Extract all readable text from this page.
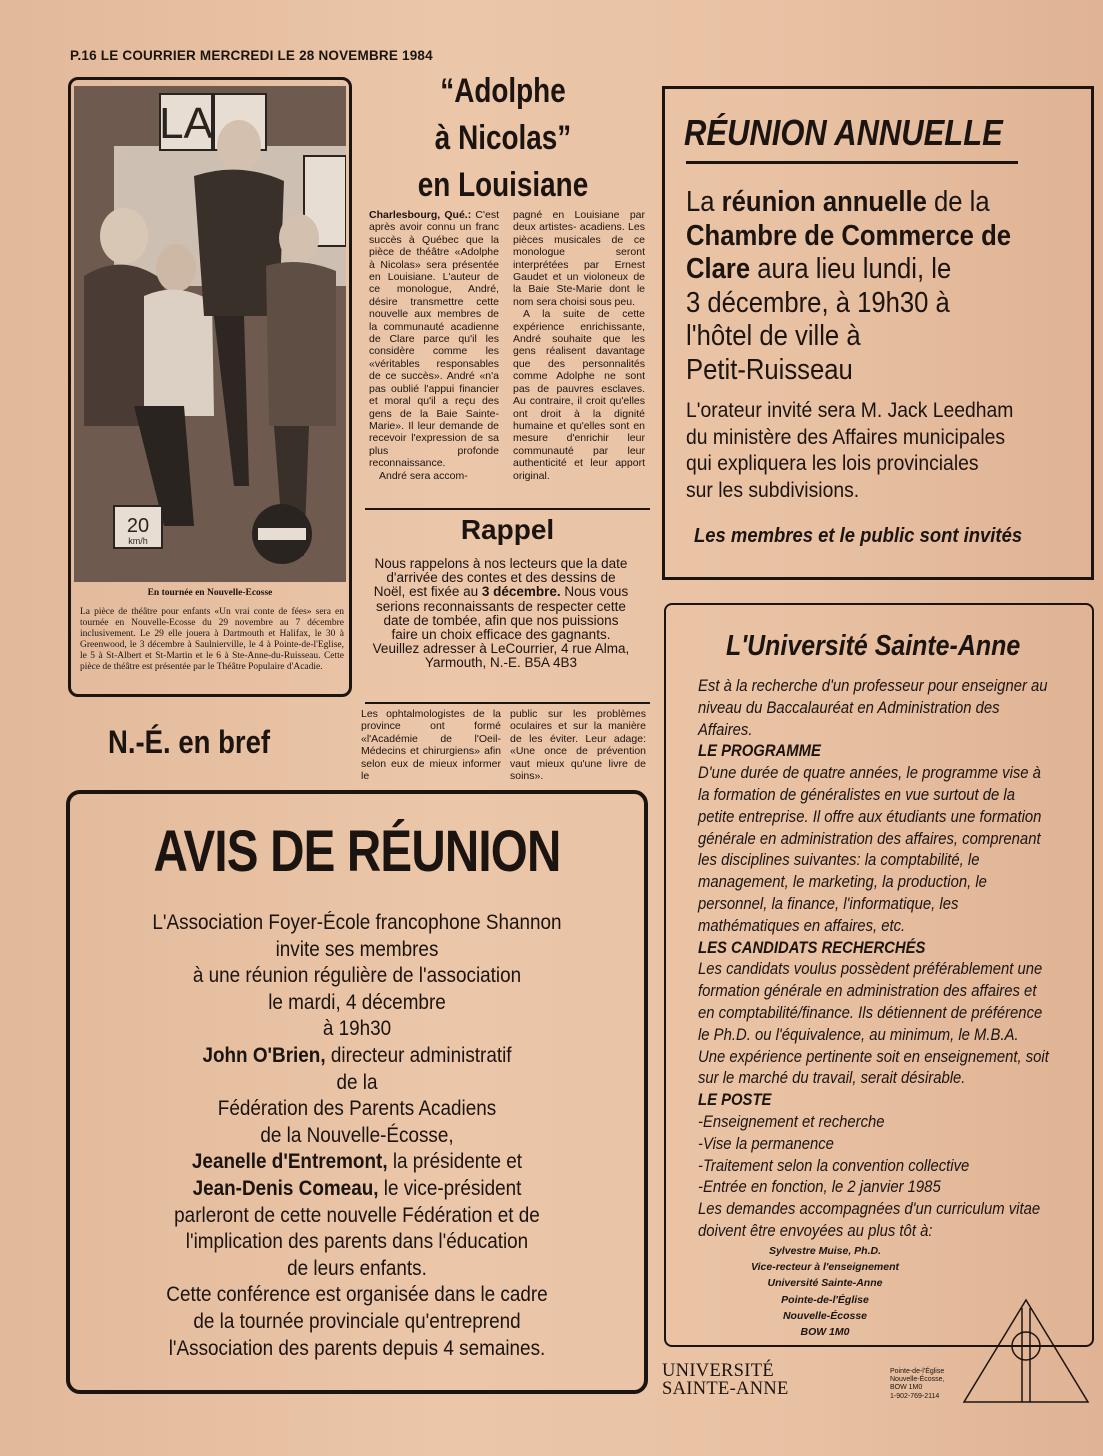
P.16 LE COURRIER MERCREDI LE 28 NOVEMBRE 1984
LA
20
km/h
En tournée en Nouvelle-Ecosse
La pièce de théâtre pour enfants «Un vrai conte de fées» sera en tournée en Nouvelle-Ecosse du 29 novembre au 7 décembre inclusivement. Le 29 elle jouera à Dartmouth et Halifax, le 30 à Greenwood, le 3 décembre à Saulnierville, le 4 à Pointe-de-l'Eglise, le 5 à St-Albert et St-Martin et le 6 à Ste-Anne-du-Ruisseau. Cette pièce de théâtre est présentée par le Théâtre Populaire d'Acadie.
“Adolphe
à Nicolas”
en Louisiane
Charlesbourg, Qué.: C'est après avoir connu un franc succès à Québec que la pièce de théâtre «Adolphe à Nicolas» sera présentée en Louisiane. L'auteur de ce monologue, André, désire transmettre cette nouvelle aux membres de la communauté acadienne de Clare parce qu'il les considère comme les «véritables responsables de ce succès». André «n'a pas oublié l'appui financier et moral qu'il a reçu des gens de la Baie Sainte-Marie». Il leur demande de recevoir l'expression de sa plus profonde reconnaissance.
André sera accom-
pagné en Louisiane par deux artistes- acadiens. Les pièces musicales de ce monologue seront interprétées par Ernest Gaudet et un violoneux de la Baie Ste-Marie dont le nom sera choisi sous peu.
A la suite de cette expérience enrichissante, André souhaite que les gens réalisent davantage que des personnalités comme Adolphe ne sont pas de pauvres esclaves. Au contraire, il croit qu'elles ont droit à la dignité humaine et qu'elles sont en mesure d'enrichir leur communauté par leur authenticité et leur apport original.
Rappel
Nous rappelons à nos lecteurs que la date d'arrivée des contes et des dessins de Noël, est fixée au 3 décembre. Nous vous serions reconnaissants de respecter cette date de tombée, afin que nos puissions faire un choix efficace des gagnants. Veuillez adresser à LeCourrier, 4 rue Alma, Yarmouth, N.-E. B5A 4B3
N.-É. en bref
Les ophtalmologistes de la province ont formé «l'Académie de l'Oeil-Médecins et chirurgiens» afin selon eux de mieux informer le
public sur les problèmes oculaires et sur la manière de les éviter. Leur adage: «Une once de prévention vaut mieux qu'une livre de soins».
AVIS DE RÉUNION
L'Association Foyer-École francophone Shannon
invite ses membres
à une réunion régulière de l'association
le mardi, 4 décembre
à 19h30
John O'Brien, directeur administratif
de la
Fédération des Parents Acadiens
de la Nouvelle-Écosse,
Jeanelle d'Entremont, la présidente et
Jean-Denis Comeau, le vice-président
parleront de cette nouvelle Fédération et de
l'implication des parents dans l'éducation
de leurs enfants.
Cette conférence est organisée dans le cadre
de la tournée provinciale qu'entreprend
l'Association des parents depuis 4 semaines.
RÉUNION ANNUELLE
La réunion annuelle de la
Chambre de Commerce de
Clare aura lieu lundi, le
3 décembre, à 19h30 à
l'hôtel de ville à
Petit-Ruisseau
L'orateur invité sera M. Jack Leedham
du ministère des Affaires municipales
qui expliquera les lois provinciales
sur les subdivisions.
Les membres et le public sont invités
L'Université Sainte-Anne
Est à la recherche d'un professeur pour enseigner au niveau du Baccalauréat en Administration des Affaires.
LE PROGRAMME
D'une durée de quatre années, le programme vise à la formation de généralistes en vue surtout de la petite entreprise. Il offre aux étudiants une formation générale en administration des affaires, comprenant les disciplines suivantes: la comptabilité, le management, le marketing, la production, le personnel, la finance, l'informatique, les mathématiques en affaires, etc.
LES CANDIDATS RECHERCHÉS
Les candidats voulus possèdent préférablement une formation générale en administration des affaires et en comptabilité/finance. Ils détiennent de préférence le Ph.D. ou l'équivalence, au minimum, le M.B.A. Une expérience pertinente soit en enseignement, soit sur le marché du travail, serait désirable.
LE POSTE
-Enseignement et recherche
-Vise la permanence
-Traitement selon la convention collective
-Entrée en fonction, le 2 janvier 1985
Les demandes accompagnées d'un curriculum vitae doivent être envoyées au plus tôt à:
Sylvestre Muise, Ph.D.
Vice-recteur à l'enseignement
Université Sainte-Anne
Pointe-de-l'Église
Nouvelle-Écosse
BOW 1M0
UNIVERSITÉ
SAINTE-ANNE
Pointe-de-l'Église
Nouvelle-Écosse,
BOW 1M0
1-902-769-2114
